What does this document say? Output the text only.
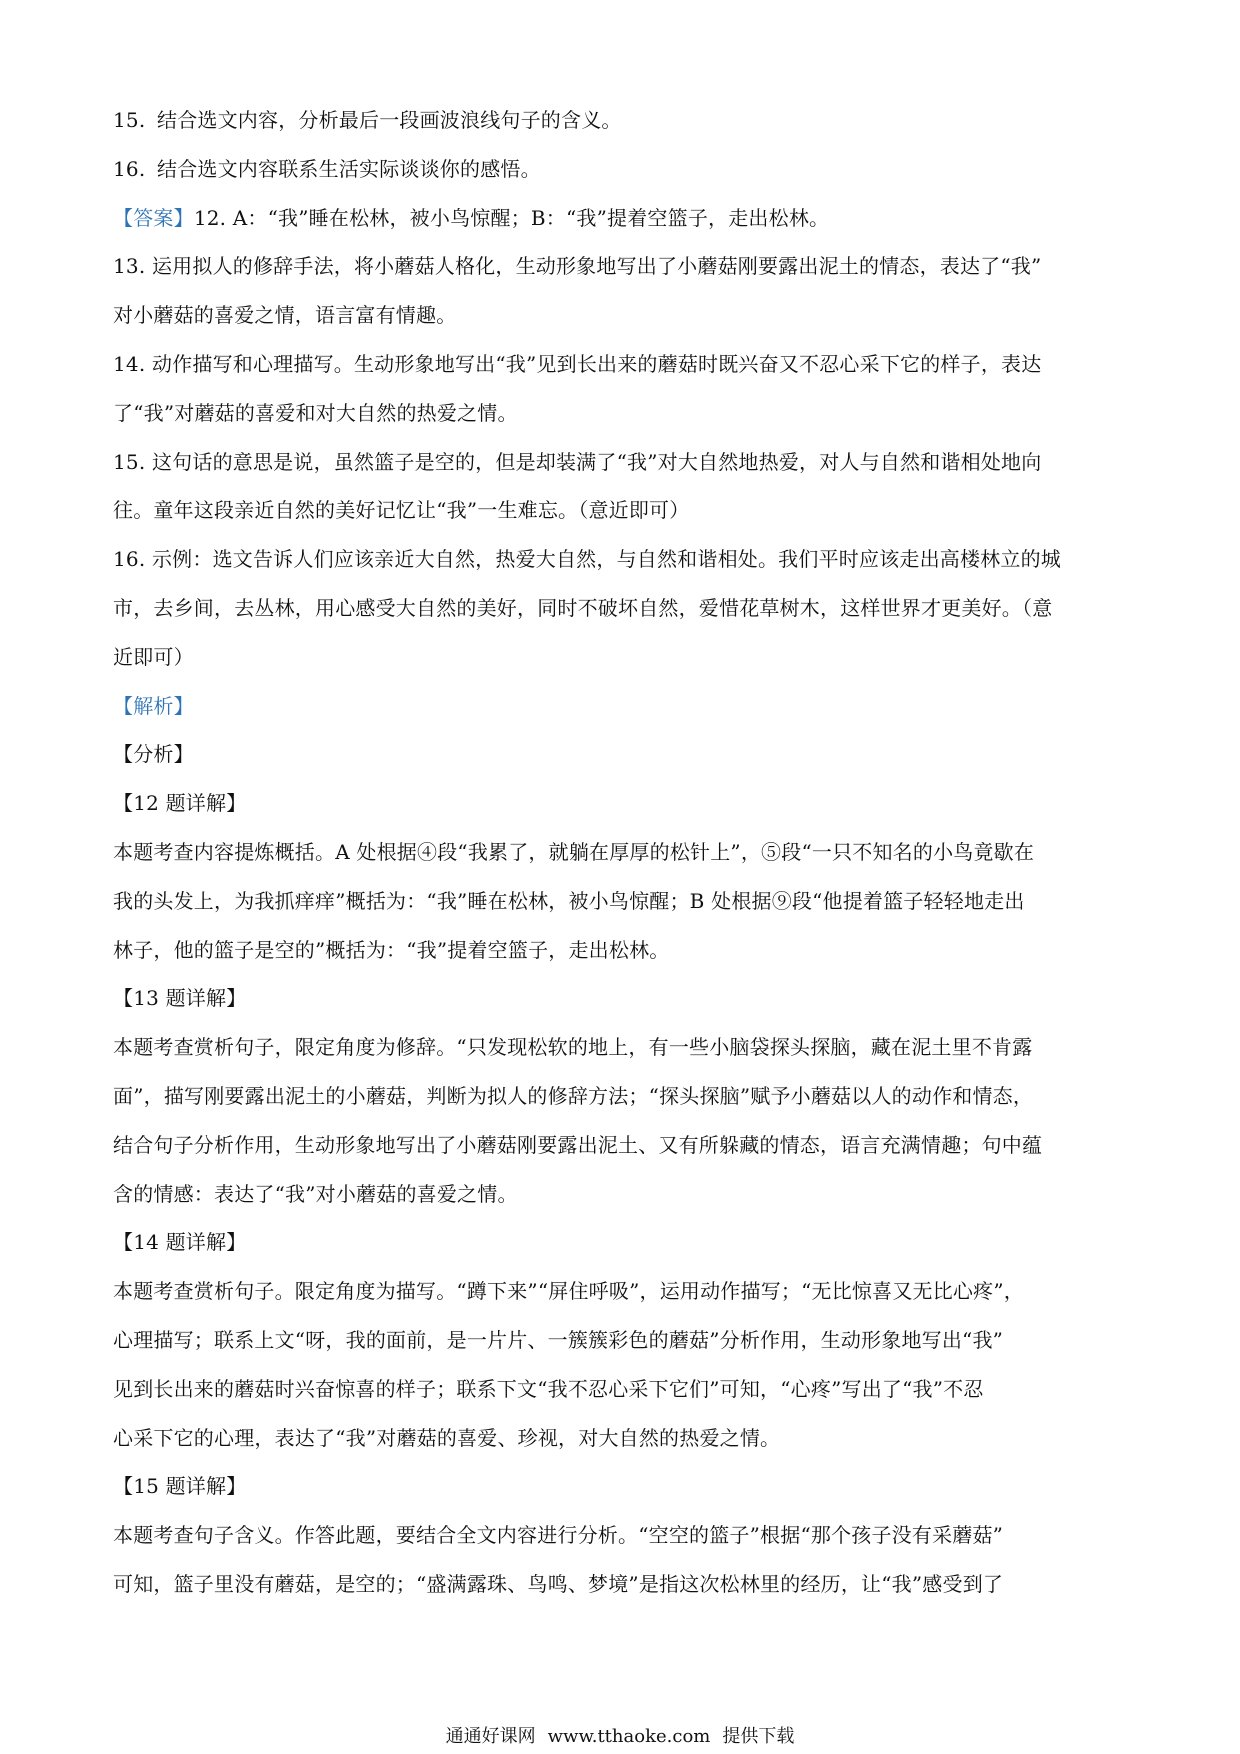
15. 结合选文内容，分析最后一段画波浪线句子的含义。
16. 结合选文内容联系生活实际谈谈你的感悟。
【答案】12. A：“我”睡在松林，被小鸟惊醒；B：“我”提着空篮子，走出松林。
13. 运用拟人的修辞手法，将小蘑菇人格化，生动形象地写出了小蘑菇刚要露出泥土的情态，表达了“我”
对小蘑菇的喜爱之情，语言富有情趣。
14. 动作描写和心理描写。生动形象地写出“我”见到长出来的蘑菇时既兴奋又不忍心采下它的样子，表达
了“我”对蘑菇的喜爱和对大自然的热爱之情。
15. 这句话的意思是说，虽然篮子是空的，但是却装满了“我”对大自然地热爱，对人与自然和谐相处地向
往。童年这段亲近自然的美好记忆让“我”一生难忘。（意近即可）
16. 示例：选文告诉人们应该亲近大自然，热爱大自然，与自然和谐相处。我们平时应该走出高楼林立的城
市，去乡间，去丛林，用心感受大自然的美好，同时不破坏自然，爱惜花草树木，这样世界才更美好。（意
近即可）
【解析】
【分析】
【12 题详解】
本题考查内容提炼概括。A 处根据④段“我累了，就躺在厚厚的松针上”，⑤段“一只不知名的小鸟竟歇在
我的头发上，为我抓痒痒”概括为：“我”睡在松林，被小鸟惊醒；B 处根据⑨段“他提着篮子轻轻地走出
林子，他的篮子是空的”概括为：“我”提着空篮子，走出松林。
【13 题详解】
本题考查赏析句子，限定角度为修辞。“只发现松软的地上，有一些小脑袋探头探脑，藏在泥土里不肯露
面”，描写刚要露出泥土的小蘑菇，判断为拟人的修辞方法；“探头探脑”赋予小蘑菇以人的动作和情态，
结合句子分析作用，生动形象地写出了小蘑菇刚要露出泥土、又有所躲藏的情态，语言充满情趣；句中蕴
含的情感：表达了“我”对小蘑菇的喜爱之情。
【14 题详解】
本题考查赏析句子。限定角度为描写。“蹲下来”“屏住呼吸”，运用动作描写；“无比惊喜又无比心疼”，
心理描写；联系上文“呀，我的面前，是一片片、一簇簇彩色的蘑菇”分析作用，生动形象地写出“我”
见到长出来的蘑菇时兴奋惊喜的样子；联系下文“我不忍心采下它们”可知，“心疼”写出了“我”不忍
心采下它的心理，表达了“我”对蘑菇的喜爱、珍视，对大自然的热爱之情。
【15 题详解】
本题考查句子含义。作答此题，要结合全文内容进行分析。“空空的篮子”根据“那个孩子没有采蘑菇”
可知，篮子里没有蘑菇，是空的；“盛满露珠、鸟鸣、梦境”是指这次松林里的经历，让“我”感受到了
通通好课网 www.tthaoke.com 提供下载
